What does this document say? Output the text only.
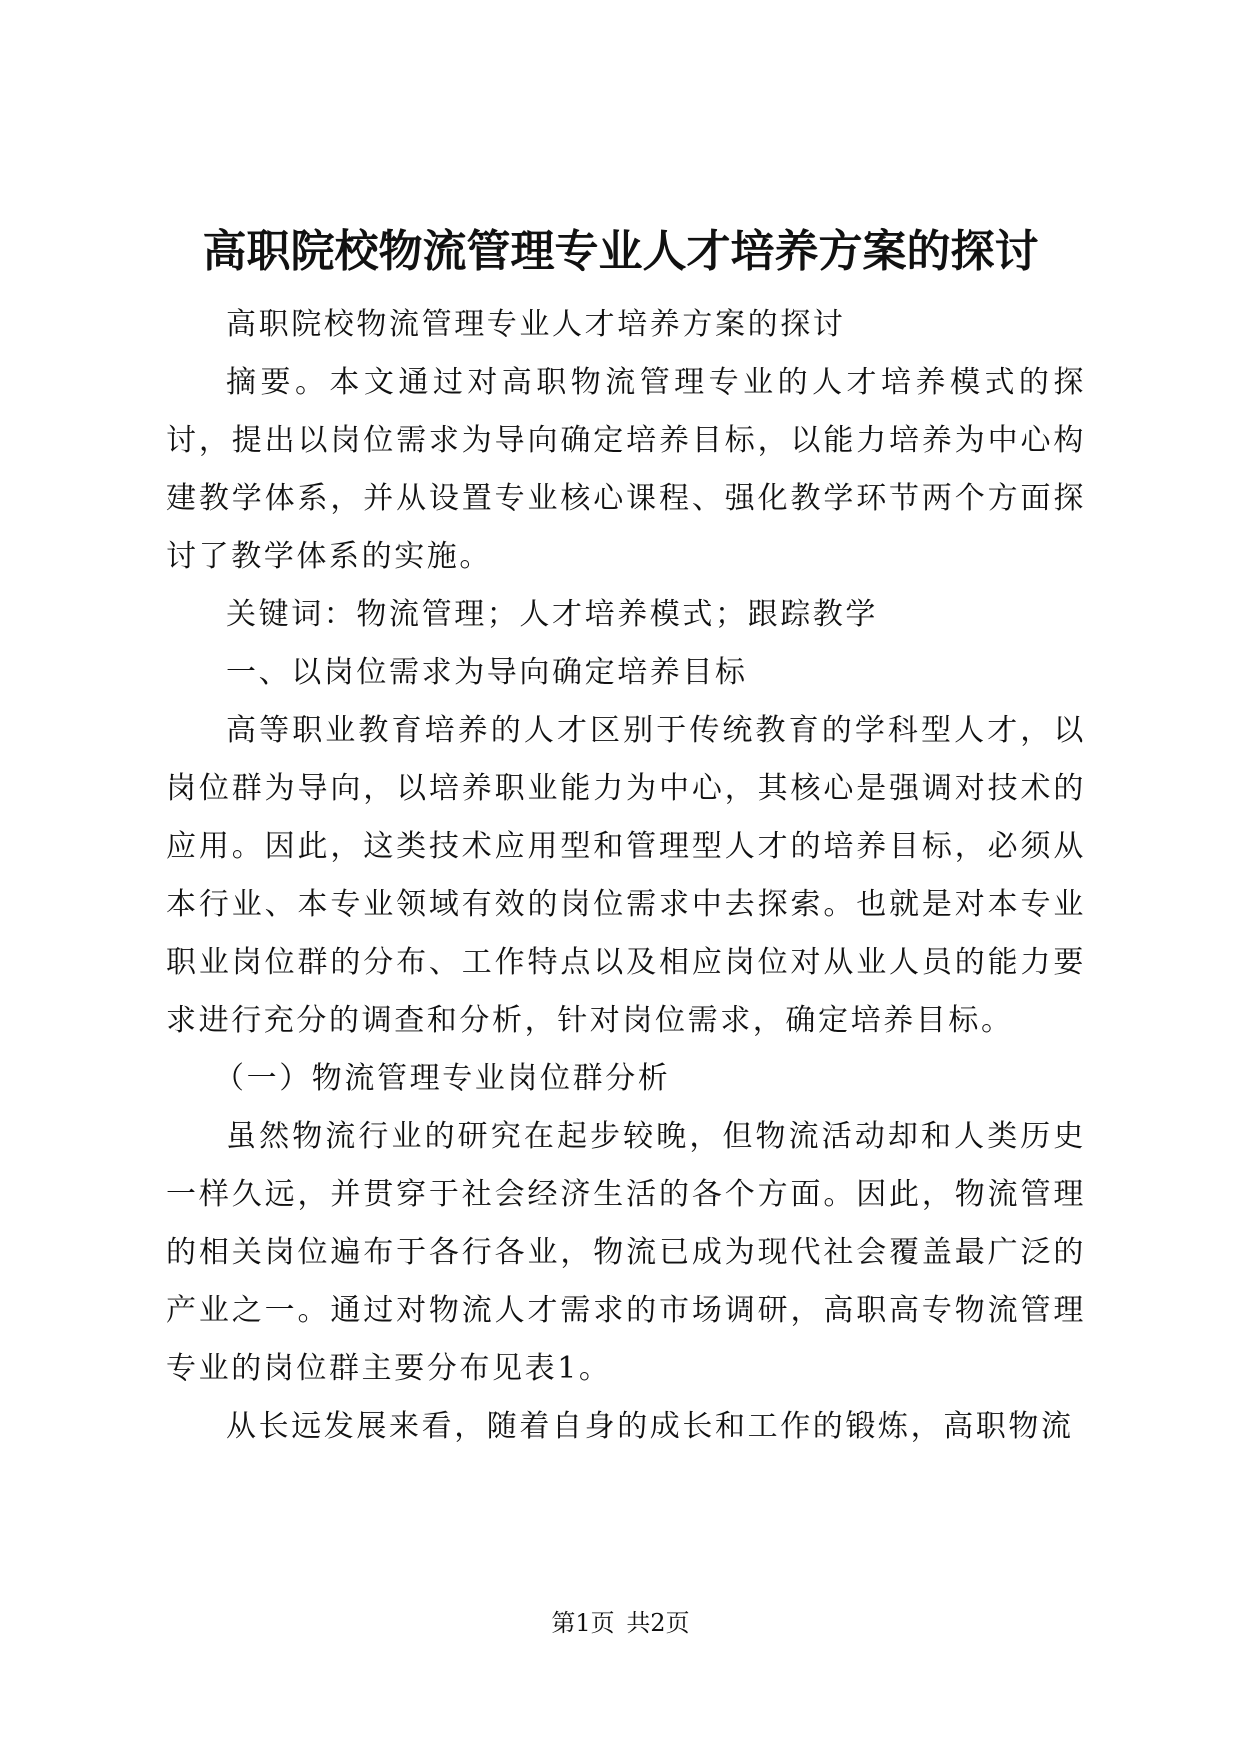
高职院校物流管理专业人才培养方案的探讨

高职院校物流管理专业人才培养方案的探讨

摘要。本文通过对高职物流管理专业的人才培养模式的探讨，提出以岗位需求为导向确定培养目标，以能力培养为中心构建教学体系，并从设置专业核心课程、强化教学环节两个方面探讨了教学体系的实施。

关键词：物流管理；人才培养模式；跟踪教学

一、以岗位需求为导向确定培养目标

高等职业教育培养的人才区别于传统教育的学科型人才，以岗位群为导向，以培养职业能力为中心，其核心是强调对技术的应用。因此，这类技术应用型和管理型人才的培养目标，必须从本行业、本专业领域有效的岗位需求中去探索。也就是对本专业职业岗位群的分布、工作特点以及相应岗位对从业人员的能力要求进行充分的调查和分析，针对岗位需求，确定培养目标。

（一）物流管理专业岗位群分析

虽然物流行业的研究在起步较晚，但物流活动却和人类历史一样久远，并贯穿于社会经济生活的各个方面。因此，物流管理的相关岗位遍布于各行各业，物流已成为现代社会覆盖最广泛的产业之一。通过对物流人才需求的市场调研，高职高专物流管理专业的岗位群主要分布见表1。

从长远发展来看，随着自身的成长和工作的锻炼，高职物流

第1页 共2页
